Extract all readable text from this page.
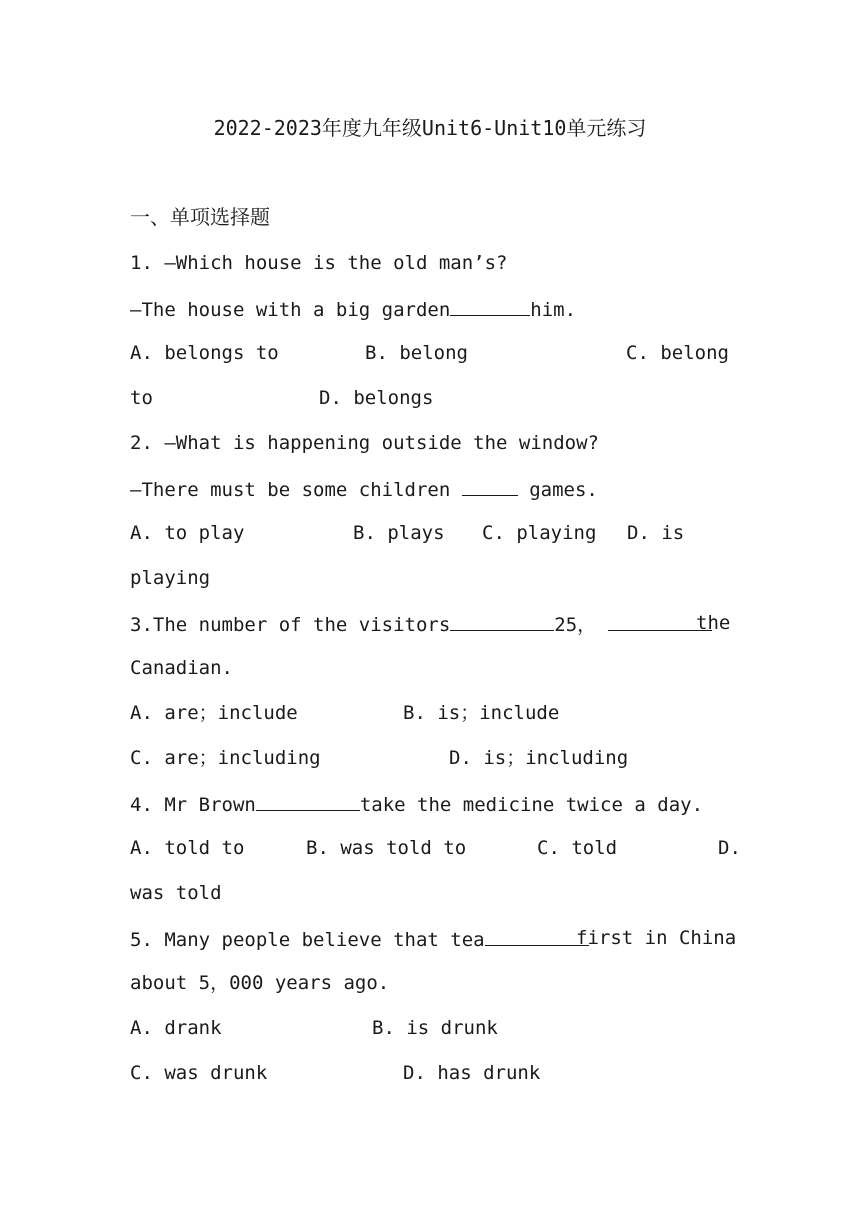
2022-2023年度九年级Unit6-Unit10单元练习
一、单项选择题
1. –Which house is the old man’s?
–The house with a big garden	him.
A. belongs to	B. belong	C. belong
to	D. belongs
2. –What is happening outside the window?
–There must be some children	games.
A. to play	B. plays C. playing D. is
playing
3.The number of the visitors	25，	the
Canadian.
A. are；include	B. is；include
C. are；including	D. is；including
4. Mr Brown	take the medicine twice a day.
A. told to	B. was told to	C. told	D.
was told
5. Many people believe that tea	first in China
about 5，000 years ago.
A. drank	B. is drunk
C. was drunk	D. has drunk
